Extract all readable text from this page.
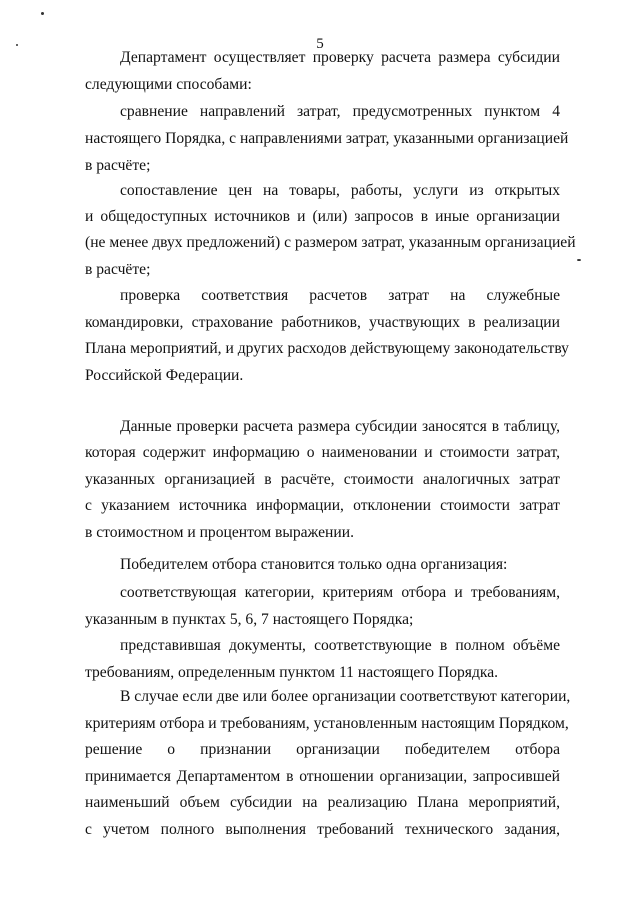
5
Департамент осуществляет проверку расчета размера субсидии
следующими способами:
сравнение направлений затрат, предусмотренных пунктом 4
настоящего Порядка, с направлениями затрат, указанными организацией
в расчёте;
сопоставление цен на товары, работы, услуги из открытых
и общедоступных источников и (или) запросов в иные организации
(не менее двух предложений) с размером затрат, указанным организацией
в расчёте;
проверка соответствия расчетов затрат на служебные
командировки, страхование работников, участвующих в реализации
Плана мероприятий, и других расходов действующему законодательству
Российской Федерации.
Данные проверки расчета размера субсидии заносятся в таблицу,
которая содержит информацию о наименовании и стоимости затрат,
указанных организацией в расчёте, стоимости аналогичных затрат
с указанием источника информации, отклонении стоимости затрат
в стоимостном и процентом выражении.
Победителем отбора становится только одна организация:
соответствующая категории, критериям отбора и требованиям,
указанным в пунктах 5, 6, 7 настоящего Порядка;
представившая документы, соответствующие в полном объёме
требованиям, определенным пунктом 11 настоящего Порядка.
В случае если две или более организации соответствуют категории,
критериям отбора и требованиям, установленным настоящим Порядком,
решение о признании организации победителем отбора
принимается Департаментом в отношении организации, запросившей
наименьший объем субсидии на реализацию Плана мероприятий,
с учетом полного выполнения требований технического задания,
